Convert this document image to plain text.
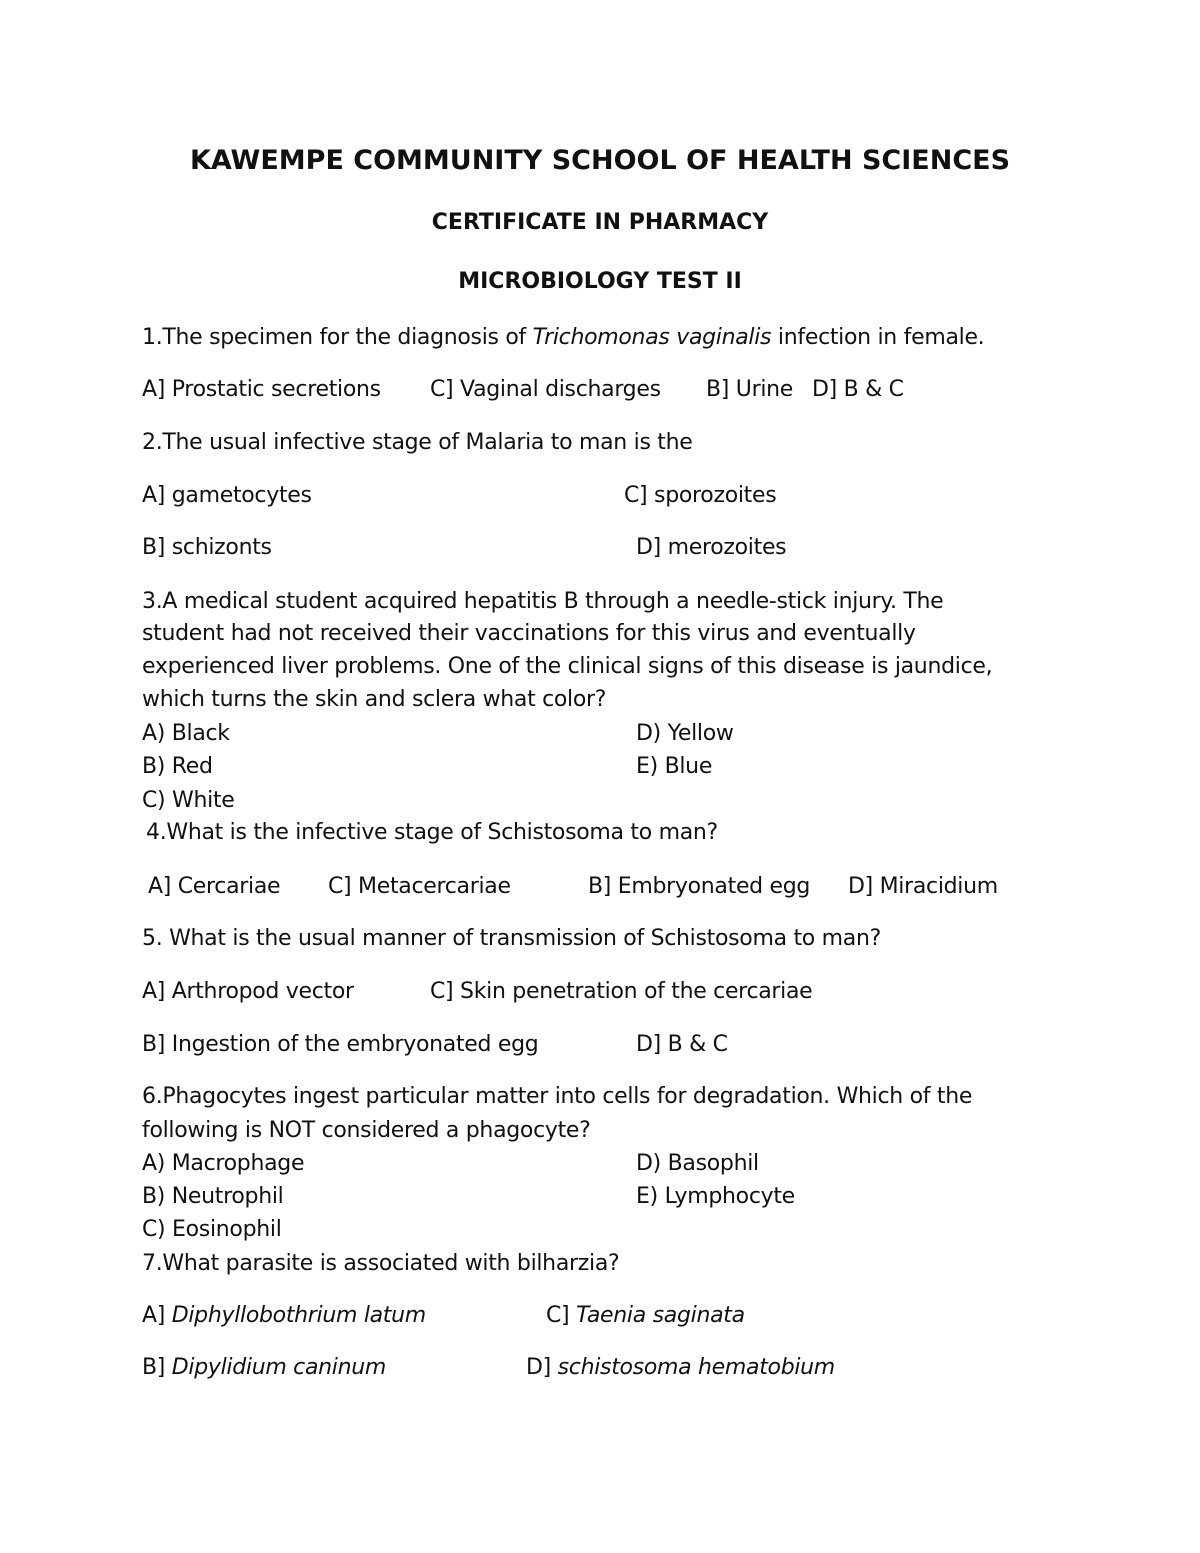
KAWEMPE COMMUNITY SCHOOL OF HEALTH SCIENCES
CERTIFICATE IN PHARMACY
MICROBIOLOGY TEST II
1.The specimen for the diagnosis of Trichomonas vaginalis infection in female.
A] Prostatic secretions C] Vaginal discharges B] Urine D] B & C
2.The usual infective stage of Malaria to man is the
A] gametocytes	C] sporozoites
B] schizonts	D] merozoites
3.A medical student acquired hepatitis B through a needle-stick injury. The
student had not received their vaccinations for this virus and eventually
experienced liver problems. One of the clinical signs of this disease is jaundice,
which turns the skin and sclera what color?
A) Black	D) Yellow
B) Red	E) Blue
C) White
4.What is the infective stage of Schistosoma to man?
A] Cercariae C] Metacercariae	B] Embryonated egg D] Miracidium
5. What is the usual manner of transmission of Schistosoma to man?
A] Arthropod vector	C] Skin penetration of the cercariae
B] Ingestion of the embryonated egg	D] B & C
6.Phagocytes ingest particular matter into cells for degradation. Which of the
following is NOT considered a phagocyte?
A) Macrophage	D) Basophil
B) Neutrophil	E) Lymphocyte
C) Eosinophil
7.What parasite is associated with bilharzia?
A] Diphyllobothrium latum	C] Taenia saginata
B] Dipylidium caninum	D] schistosoma hematobium
